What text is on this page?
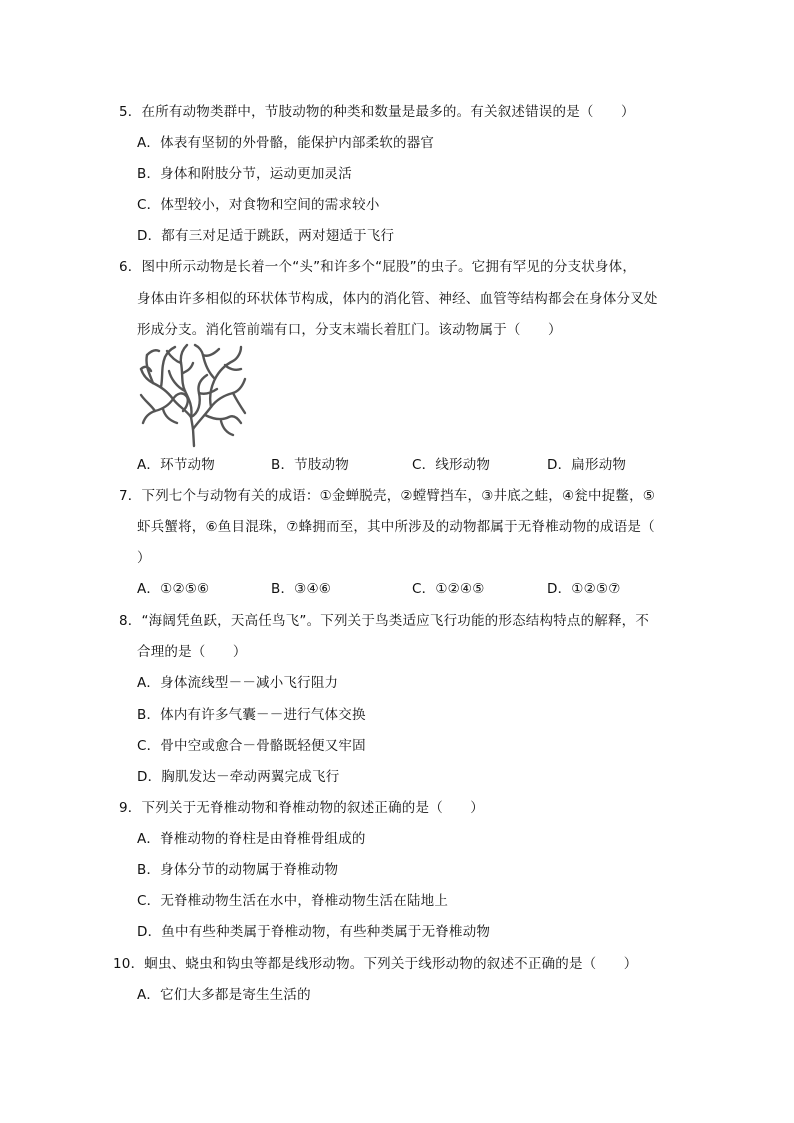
5．在所有动物类群中，节肢动物的种类和数量是最多的。有关叙述错误的是（　　）
A．体表有坚韧的外骨骼，能保护内部柔软的器官
B．身体和附肢分节，运动更加灵活
C．体型较小，对食物和空间的需求较小
D．都有三对足适于跳跃，两对翅适于飞行
6．图中所示动物是长着一个“头”和许多个“屁股”的虫子。它拥有罕见的分支状身体，
身体由许多相似的环状体节构成，体内的消化管、神经、血管等结构都会在身体分叉处
形成分支。消化管前端有口，分支末端长着肛门。该动物属于（　　）
A．环节动物	B．节肢动物	C．线形动物	D．扁形动物
7．下列七个与动物有关的成语：①金蝉脱壳，②螳臂挡车，③井底之蛙，④瓮中捉鳖，⑤
虾兵蟹将，⑥鱼目混珠，⑦蜂拥而至，其中所涉及的动物都属于无脊椎动物的成语是（
）
A．①②⑤⑥	B．③④⑥	C．①②④⑤	D．①②⑤⑦
8．“海阔凭鱼跃，天高任鸟飞”。下列关于鸟类适应飞行功能的形态结构特点的解释，不
合理的是（　　）
A．身体流线型－－减小飞行阻力
B．体内有许多气囊－－进行气体交换
C．骨中空或愈合－骨骼既轻便又牢固
D．胸肌发达－牵动两翼完成飞行
9．下列关于无脊椎动物和脊椎动物的叙述正确的是（　　）
A．脊椎动物的脊柱是由脊椎骨组成的
B．身体分节的动物属于脊椎动物
C．无脊椎动物生活在水中，脊椎动物生活在陆地上
D．鱼中有些种类属于脊椎动物，有些种类属于无脊椎动物
10．蛔虫、蛲虫和钩虫等都是线形动物。下列关于线形动物的叙述不正确的是（　　）
A．它们大多都是寄生生活的
